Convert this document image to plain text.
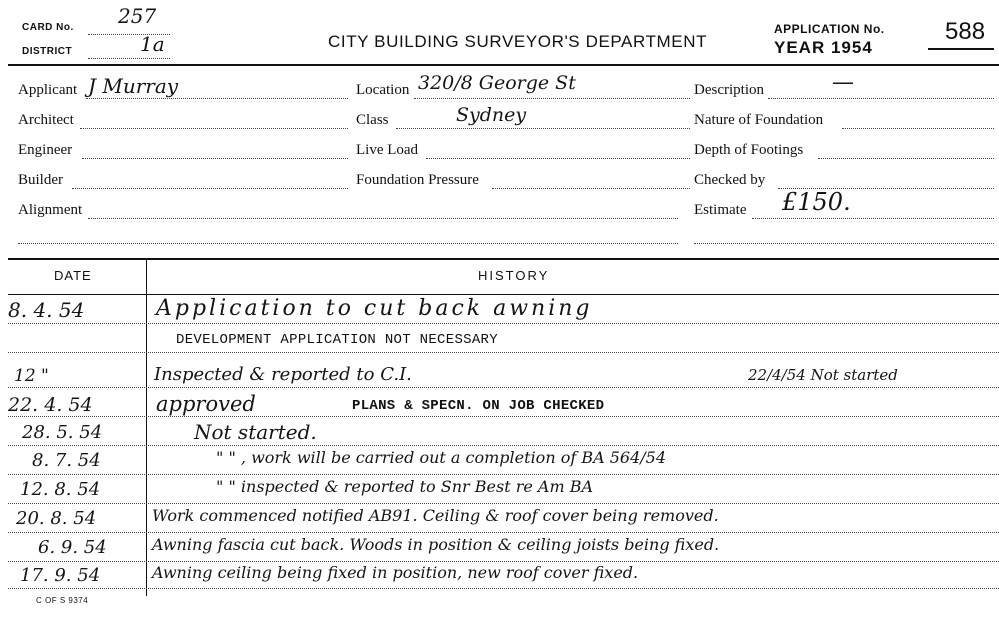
CARD No. 257
DISTRICT	1a	CITY BUILDING SURVEYOR'S DEPARTMENT
APPLICATION No.	588
YEAR 1954
Applicant J Murray
Architect
Engineer
Builder
Alignment
Location 320/8 George St
Class	Sydney
Live Load
Foundation Pressure
Description	—
Nature of Foundation
Depth of Footings
Checked by
Estimate £150.
DATE	HISTORY
8. 4. 54	Application to cut back awning
DEVELOPMENT APPLICATION NOT NECESSARY
12 "	Inspected & reported to C.I.	22/4/54 Not started
22. 4. 54	approved	PLANS & SPECN. ON JOB CHECKED
28. 5. 54	Not started.
8. 7. 54	" " , work will be carried out a completion of BA 564/54
12. 8. 54	" " inspected & reported to Snr Best re Am BA
20. 8. 54	Work commenced notified AB91. Ceiling & roof cover being removed.
6. 9. 54	Awning fascia cut back. Woods in position & ceiling joists being fixed.
17. 9. 54	Awning ceiling being fixed in position, new roof cover fixed.
C OF S 9374
